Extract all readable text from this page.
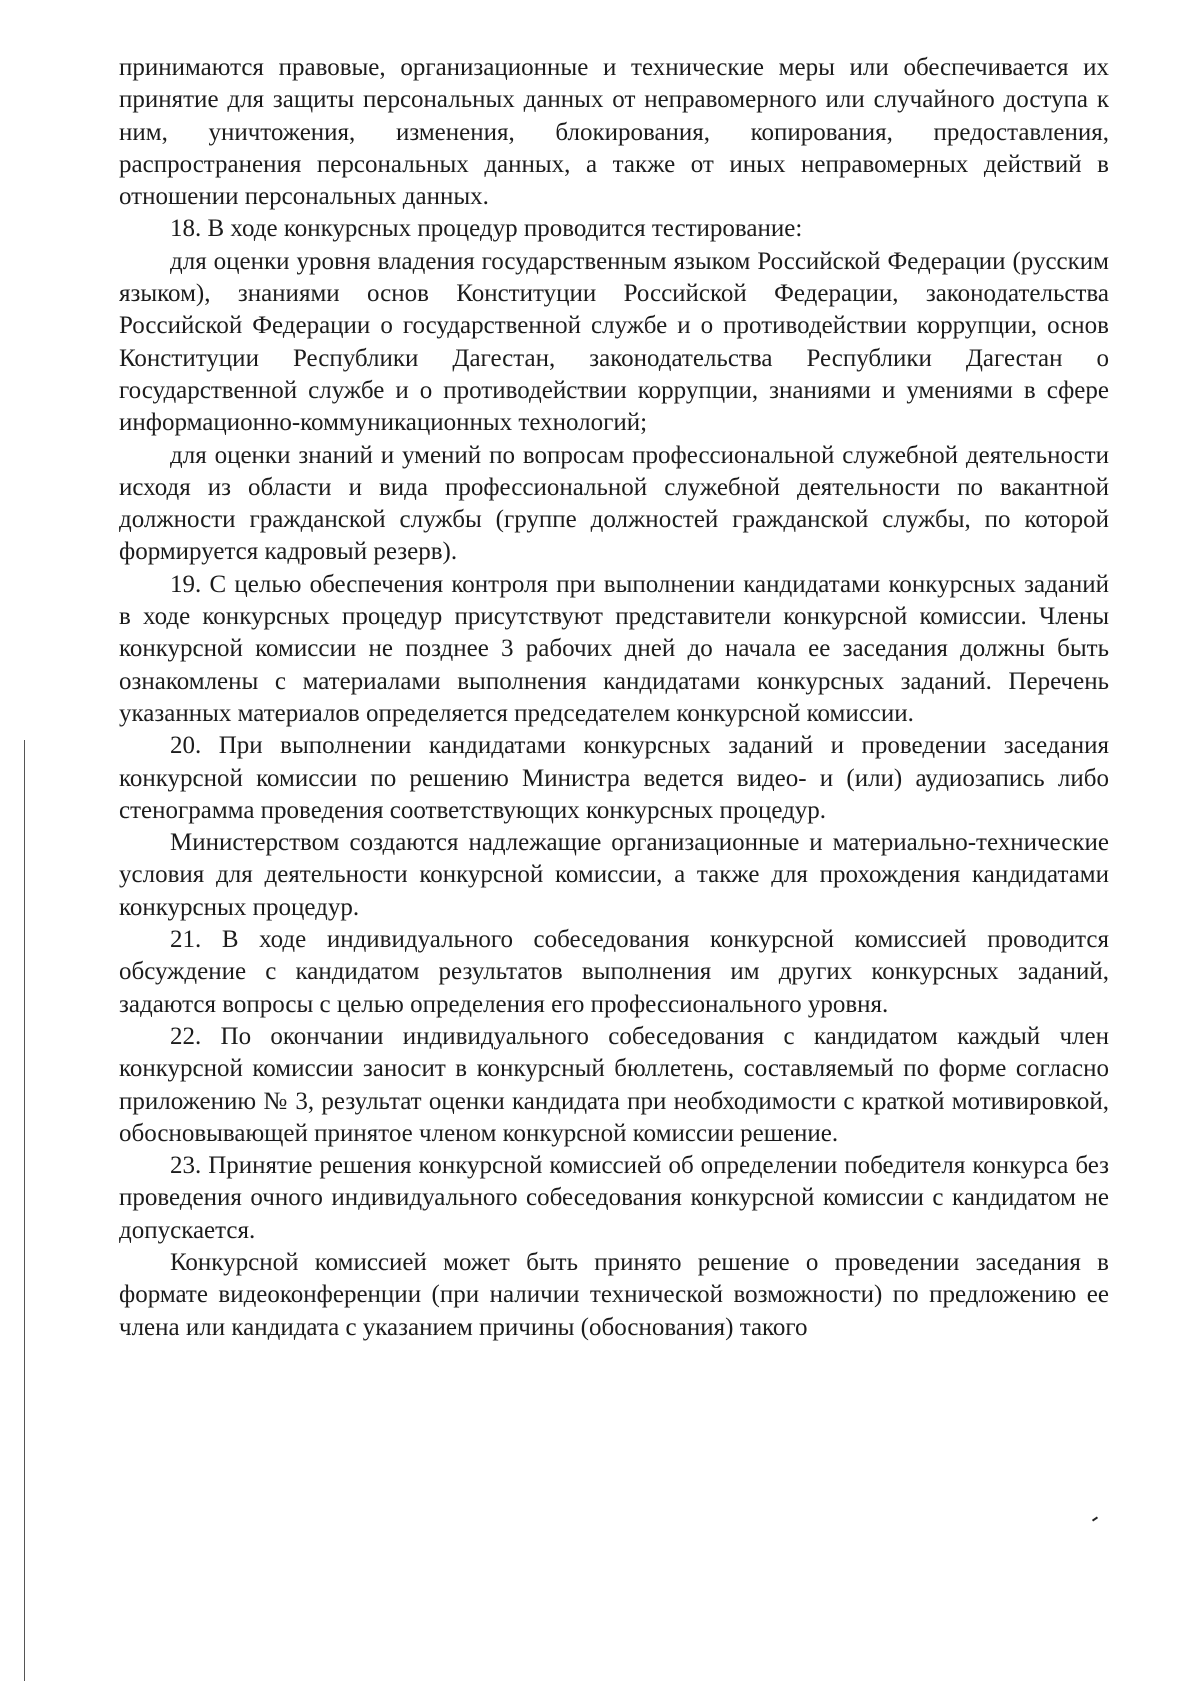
принимаются правовые, организационные и технические меры или обеспечивается их принятие для защиты персональных данных от неправомерного или случайного доступа к ним, уничтожения, изменения, блокирования, копирования, предоставления, распространения персональных данных, а также от иных неправомерных действий в отношении персональных данных.

18. В ходе конкурсных процедур проводится тестирование:

для оценки уровня владения государственным языком Российской Федерации (русским языком), знаниями основ Конституции Российской Федерации, законодательства Российской Федерации о государственной службе и о противодействии коррупции, основ Конституции Республики Дагестан, законодательства Республики Дагестан о государственной службе и о противодействии коррупции, знаниями и умениями в сфере информационно-коммуникационных технологий;

для оценки знаний и умений по вопросам профессиональной служебной деятельности исходя из области и вида профессиональной служебной деятельности по вакантной должности гражданской службы (группе должностей гражданской службы, по которой формируется кадровый резерв).

19. С целью обеспечения контроля при выполнении кандидатами конкурсных заданий в ходе конкурсных процедур присутствуют представители конкурсной комиссии. Члены конкурсной комиссии не позднее 3 рабочих дней до начала ее заседания должны быть ознакомлены с материалами выполнения кандидатами конкурсных заданий. Перечень указанных материалов определяется председателем конкурсной комиссии.

20. При выполнении кандидатами конкурсных заданий и проведении заседания конкурсной комиссии по решению Министра ведется видео- и (или) аудиозапись либо стенограмма проведения соответствующих конкурсных процедур.

Министерством создаются надлежащие организационные и материально-технические условия для деятельности конкурсной комиссии, а также для прохождения кандидатами конкурсных процедур.

21. В ходе индивидуального собеседования конкурсной комиссией проводится обсуждение с кандидатом результатов выполнения им других конкурсных заданий, задаются вопросы с целью определения его профессионального уровня.

22. По окончании индивидуального собеседования с кандидатом каждый член конкурсной комиссии заносит в конкурсный бюллетень, составляемый по форме согласно приложению № 3, результат оценки кандидата при необходимости с краткой мотивировкой, обосновывающей принятое членом конкурсной комиссии решение.

23. Принятие решения конкурсной комиссией об определении победителя конкурса без проведения очного индивидуального собеседования конкурсной комиссии с кандидатом не допускается.

Конкурсной комиссией может быть принято решение о проведении заседания в формате видеоконференции (при наличии технической возможности) по предложению ее члена или кандидата с указанием причины (обоснования) такого
